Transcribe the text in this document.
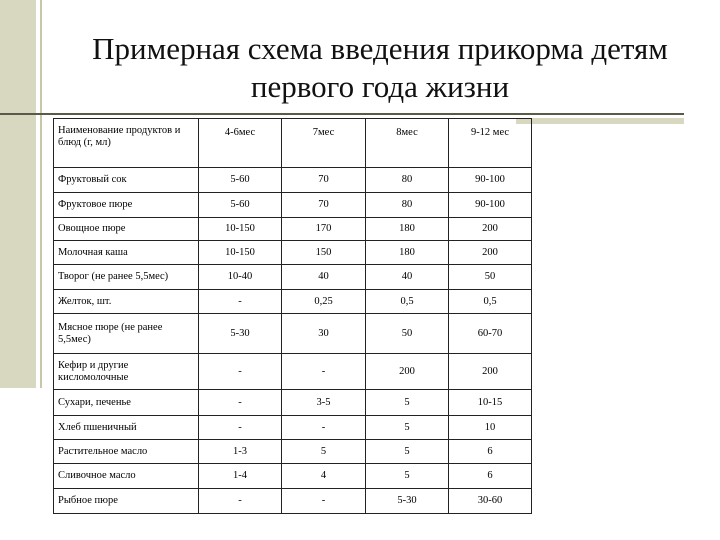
Примерная схема введения прикорма детям
первого года жизни
Наименование продуктов и блюд (г, мл)	4-6мес	7мес	8мес	9-12 мес
Фруктовый сок	5-60	70	80	90-100
Фруктовое пюре	5-60	70	80	90-100
Овощное пюре	10-150	170	180	200
Молочная каша	10-150	150	180	200
Творог (не ранее 5,5мес)	10-40	40	40	50
Желток, шт.	-	0,25	0,5	0,5
Мясное пюре (не ранее 5,5мес)	5-30	30	50	60-70
Кефир и другие кисломолочные	-	-	200	200
Сухари, печенье	-	3-5	5	10-15
Хлеб пшеничный	-	-	5	10
Растительное масло	1-3	5	5	6
Сливочное масло	1-4	4	5	6
Рыбное пюре	-	-	5-30	30-60
